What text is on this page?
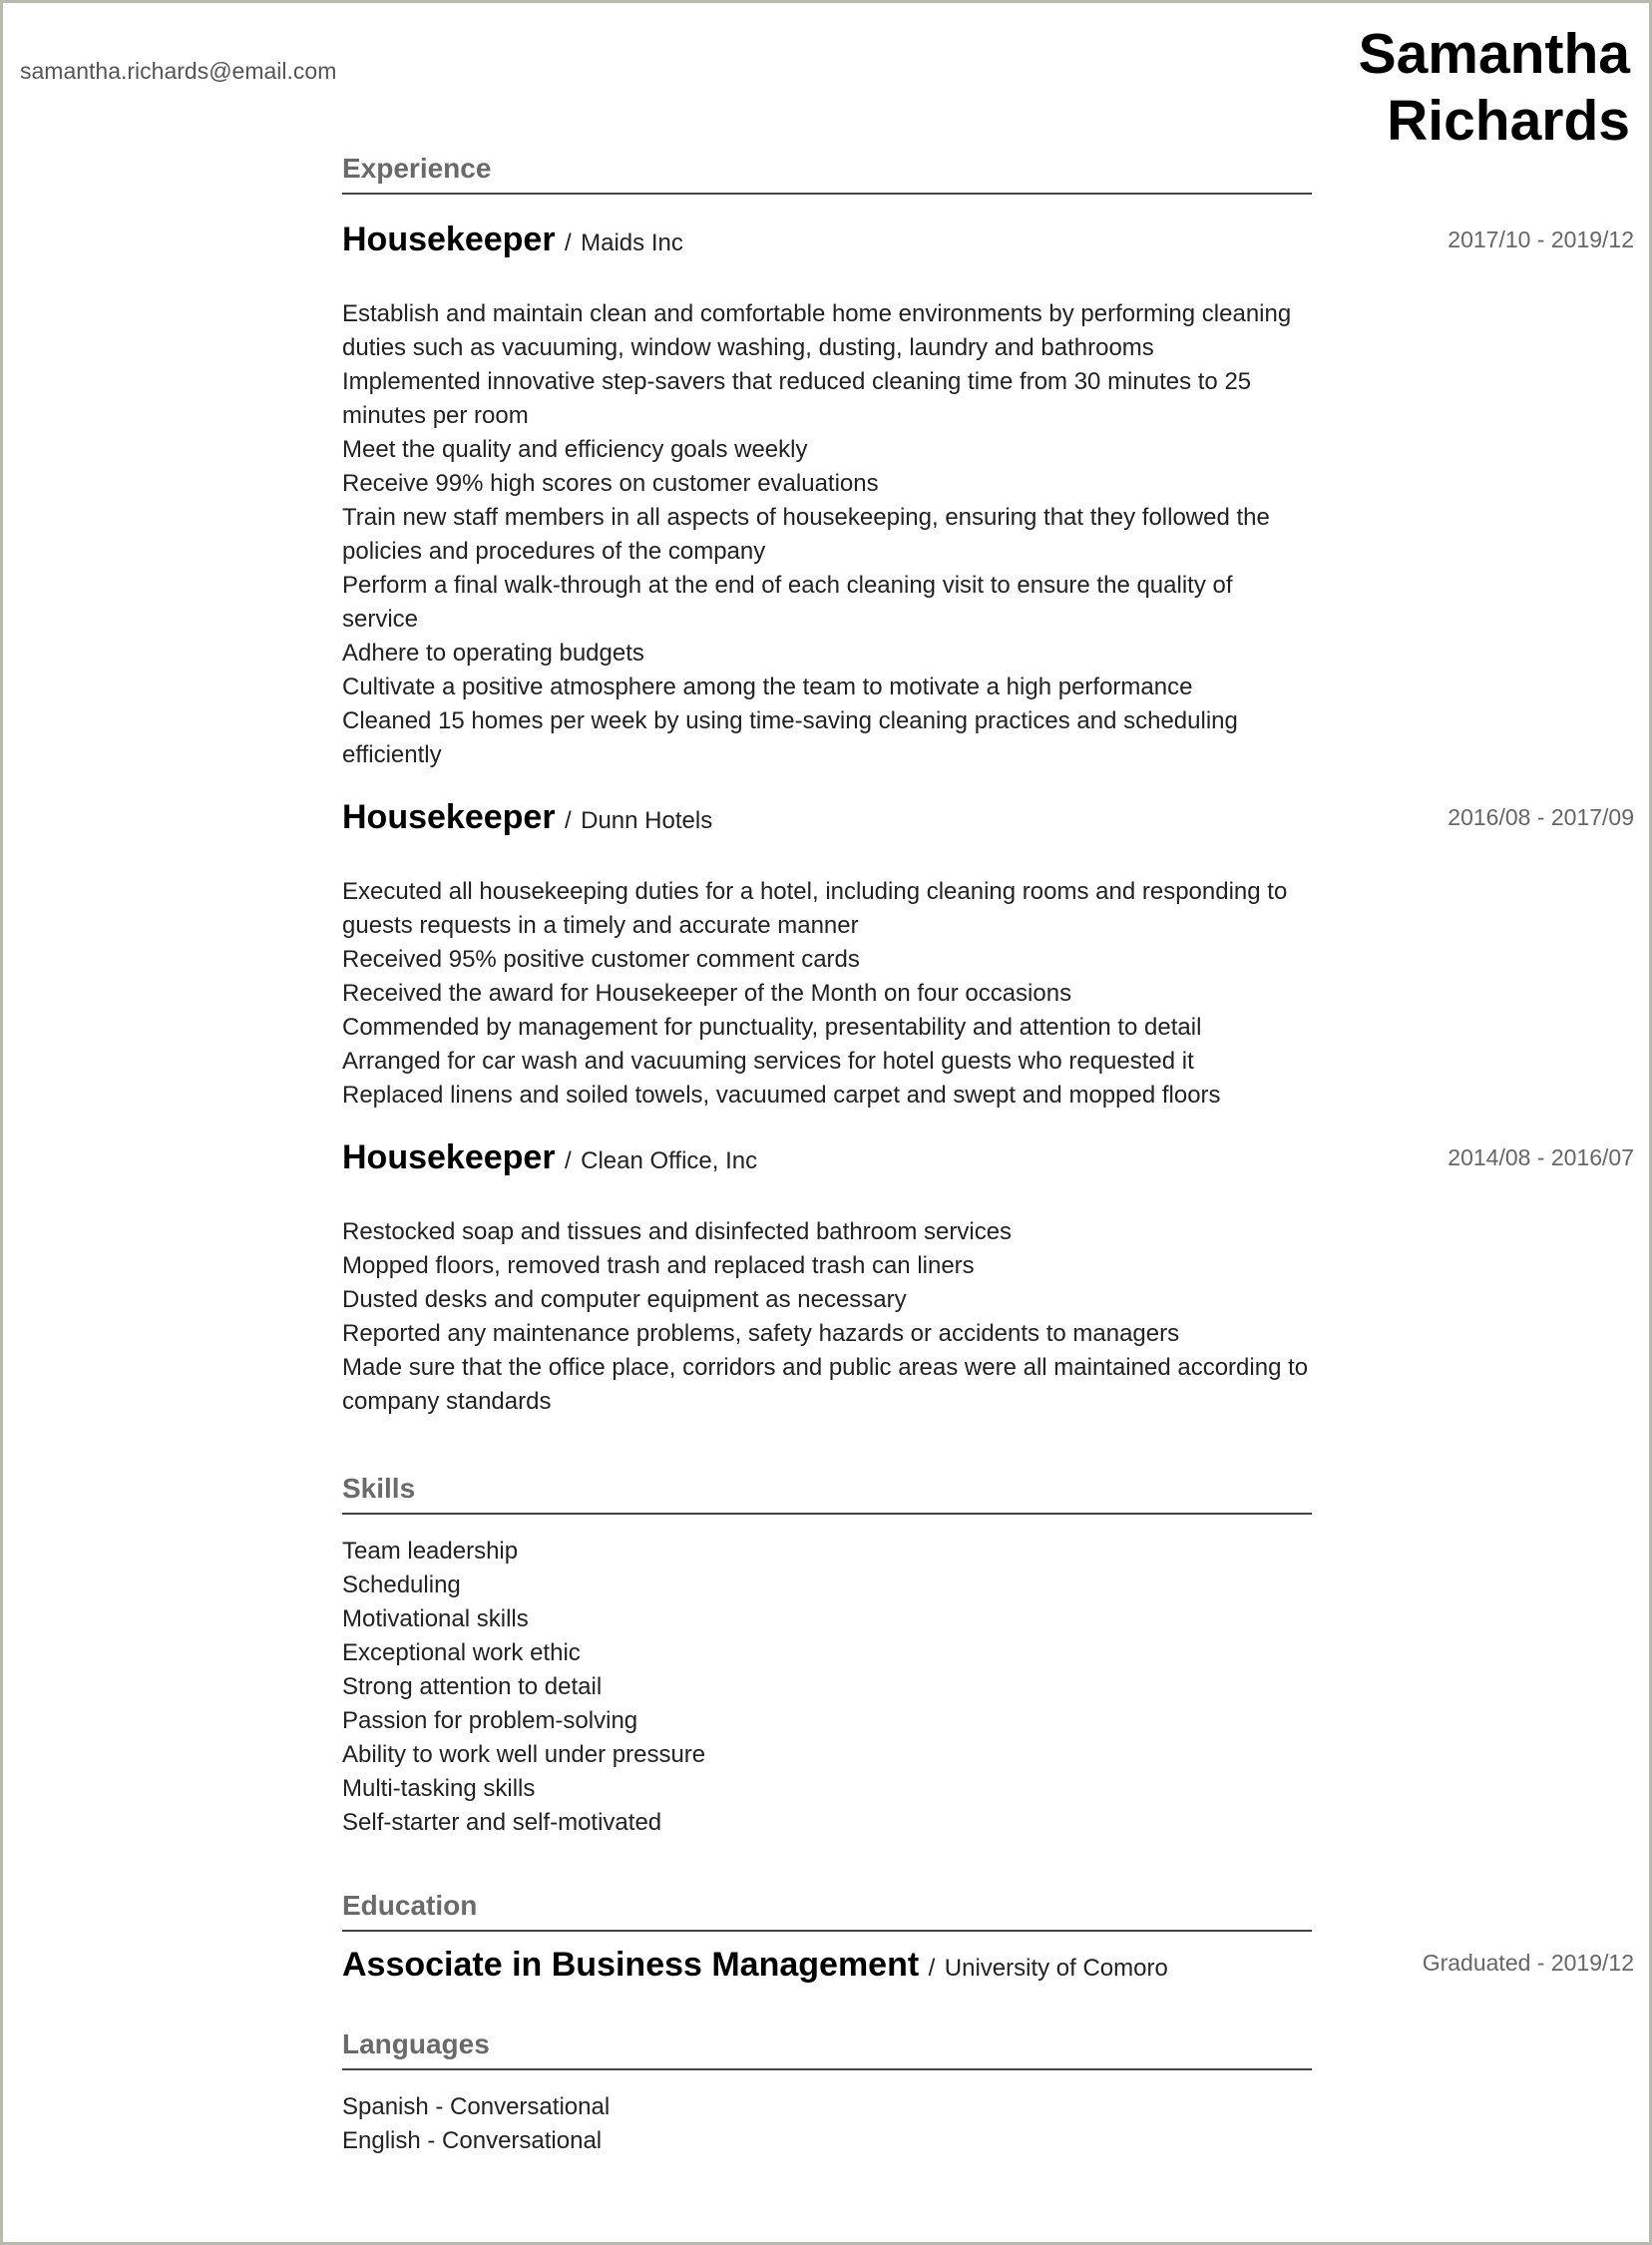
samantha.richards@email.com	Samantha
Richards
Experience
Housekeeper / Maids Inc	2017/10 - 2019/12
Establish and maintain clean and comfortable home environments by performing cleaning duties such as vacuuming, window washing, dusting, laundry and bathrooms
Implemented innovative step-savers that reduced cleaning time from 30 minutes to 25 minutes per room
Meet the quality and efficiency goals weekly
Receive 99% high scores on customer evaluations
Train new staff members in all aspects of housekeeping, ensuring that they followed the policies and procedures of the company
Perform a final walk-through at the end of each cleaning visit to ensure the quality of service
Adhere to operating budgets
Cultivate a positive atmosphere among the team to motivate a high performance
Cleaned 15 homes per week by using time-saving cleaning practices and scheduling efficiently
Housekeeper / Dunn Hotels	2016/08 - 2017/09
Executed all housekeeping duties for a hotel, including cleaning rooms and responding to guests requests in a timely and accurate manner
Received 95% positive customer comment cards
Received the award for Housekeeper of the Month on four occasions
Commended by management for punctuality, presentability and attention to detail
Arranged for car wash and vacuuming services for hotel guests who requested it
Replaced linens and soiled towels, vacuumed carpet and swept and mopped floors
Housekeeper / Clean Office, Inc	2014/08 - 2016/07
Restocked soap and tissues and disinfected bathroom services
Mopped floors, removed trash and replaced trash can liners
Dusted desks and computer equipment as necessary
Reported any maintenance problems, safety hazards or accidents to managers
Made sure that the office place, corridors and public areas were all maintained according to company standards
Skills
Team leadership
Scheduling
Motivational skills
Exceptional work ethic
Strong attention to detail
Passion for problem-solving
Ability to work well under pressure
Multi-tasking skills
Self-starter and self-motivated
Education
Associate in Business Management / University of Comoro	Graduated - 2019/12
Languages
Spanish - Conversational
English - Conversational
